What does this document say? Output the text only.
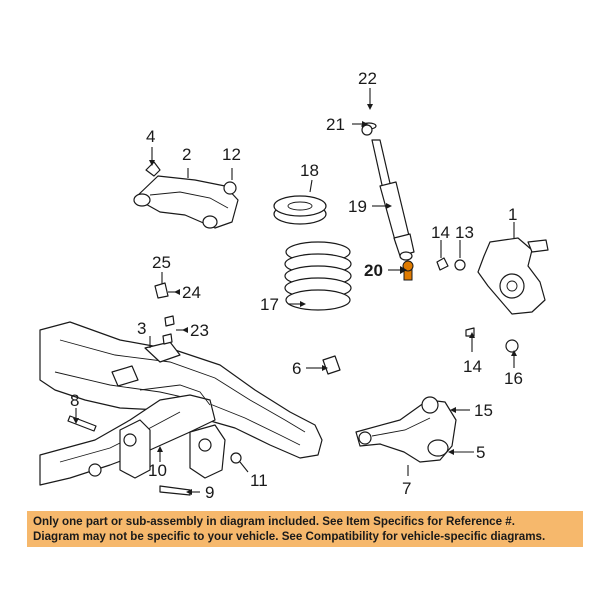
1
2
3
4
5
6
7
8
9
10
11
12
13
14
14
15
16
17
18
19
20
21
22
23
24
25
Only one part or sub-assembly in diagram included. See Item Specifics for Reference #.
Diagram may not be specific to your vehicle. See Compatibility for vehicle-specific diagrams.
